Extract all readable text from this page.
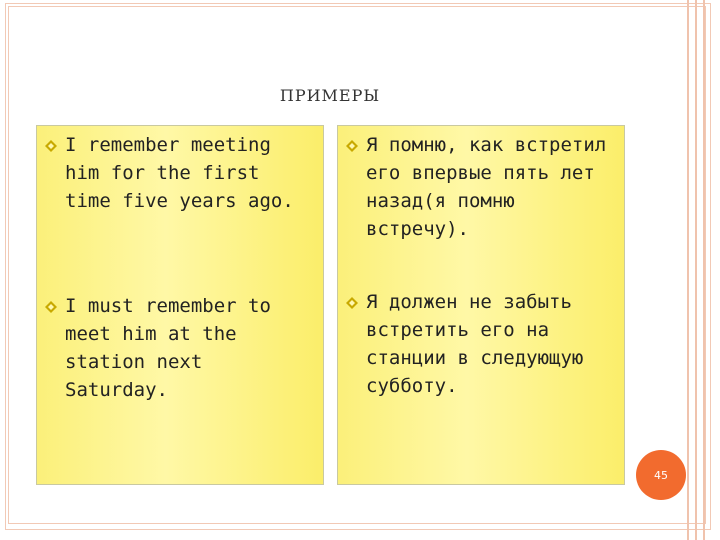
ПРИМЕРЫ
I remember meeting him for the first time five years ago.
I must remember to meet him at the station next Saturday.
Я помню, как встретил его впервые пять лет назад(я помню встречу).
Я должен не забыть встретить его на станции в следующую субботу.
45
